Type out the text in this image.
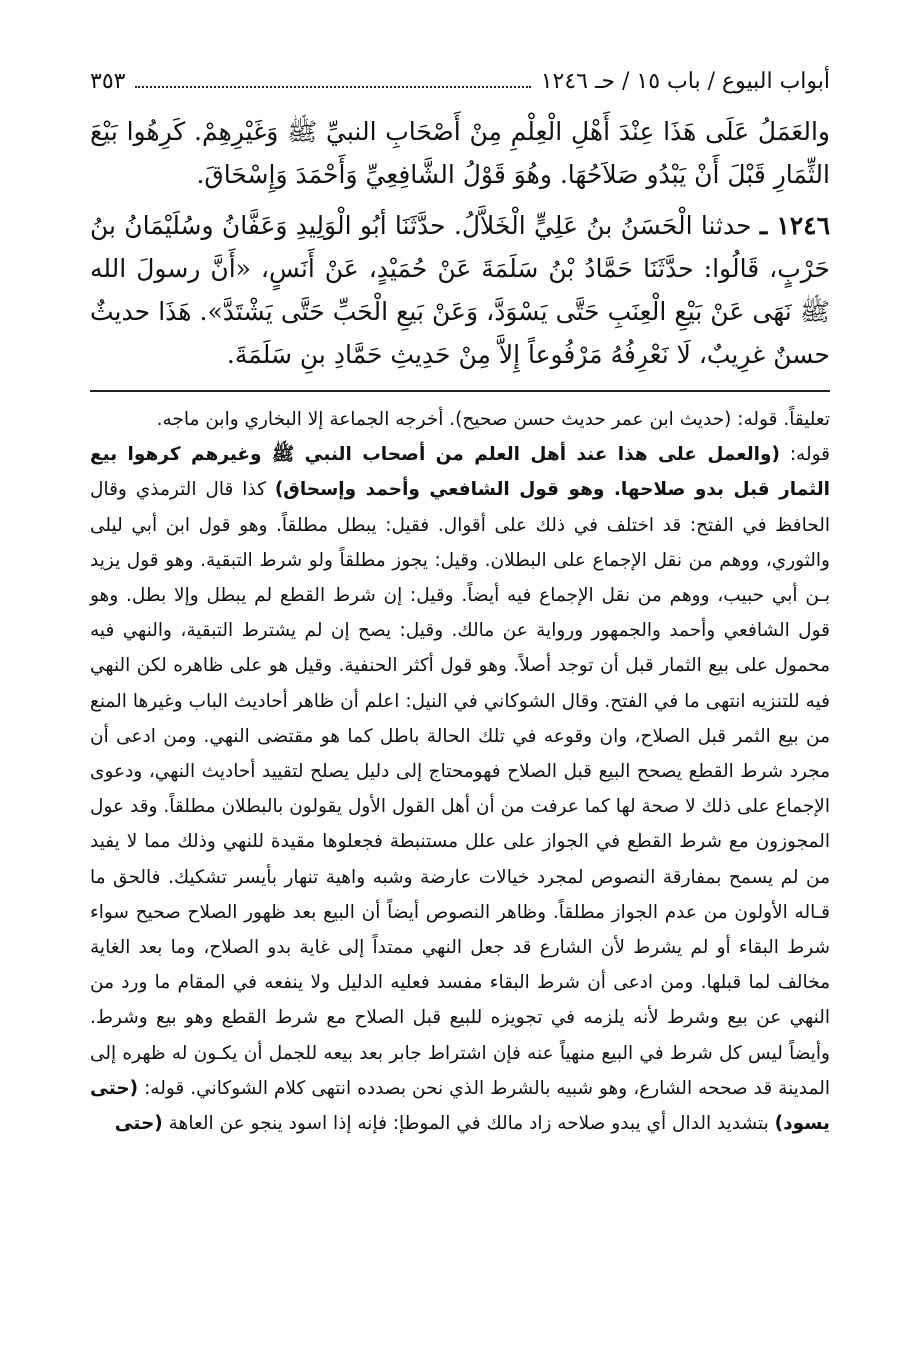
أبواب البيوع / باب ١٥ / حـ ١٢٤٦
٣٥٣

والعَمَلُ عَلَى هَذَا عِنْدَ أَهْلِ الْعِلْمِ مِنْ أَصْحَابِ النبيِّ ﷺ وَغَيْرِهِمْ. كَرِهُوا بَيْعَ الثِّمَارِ قَبْلَ أَنْ يَبْدُو صَلاَحُهَا. وهُوَ قَوْلُ الشَّافِعِيِّ وَأَحْمَدَ وَإِسْحَاقَ.

١٢٤٦ ـ حدثنا الْحَسَنُ بنُ عَلِيٍّ الْخَلاَّلُ. حدَّثَنَا أبُو الْوَلِيدِ وَعَفَّانُ وسُلَيْمَانُ بنُ حَرْبٍ، قَالُوا: حدَّثَنَا حَمَّادُ بْنُ سَلَمَةَ عَنْ حُمَيْدٍ، عَنْ أَنَسٍ، «أَنَّ رسولَ الله ﷺ نَهَى عَنْ بَيْعِ الْعِنَبِ حَتَّى يَسْوَدَّ، وَعَنْ بَيعِ الْحَبِّ حَتَّى يَشْتَدَّ». هَذَا حديثٌ حسنٌ غرِيبٌ، لَا نَعْرِفُهُ مَرْفُوعاً إِلاَّ مِنْ حَدِيثِ حَمَّادِ بنِ سَلَمَةَ.

تعليقاً. قوله: (حديث ابن عمر حديث حسن صحيح). أخرجه الجماعة إلا البخاري وابن ماجه.

قوله: (والعمل على هذا عند أهل العلم من أصحاب النبي ﷺ وغيرهم كرهوا بيع الثمار قبل بدو صلاحها. وهو قول الشافعي وأحمد وإسحاق) كذا قال الترمذي وقال الحافظ في الفتح: قد اختلف في ذلك على أقوال. فقيل: يبطل مطلقاً. وهو قول ابن أبي ليلى والثوري، ووهم من نقل الإجماع على البطلان. وقيل: يجوز مطلقاً ولو شرط التبقية. وهو قول يزيد بـن أبي حبيب، ووهم من نقل الإجماع فيه أيضاً. وقيل: إن شرط القطع لم يبطل وإلا بطل. وهو قول الشافعي وأحمد والجمهور ورواية عن مالك. وقيل: يصح إن لم يشترط التبقية، والنهي فيه محمول على بيع الثمار قبل أن توجد أصلاً. وهو قول أكثر الحنفية. وقيل هو على ظاهره لكن النهي فيه للتنزيه انتهى ما في الفتح. وقال الشوكاني في النيل: اعلم أن ظاهر أحاديث الباب وغيرها المنع من بيع الثمر قبل الصلاح، وان وقوعه في تلك الحالة باطل كما هو مقتضى النهي. ومن ادعى أن مجرد شرط القطع يصحح البيع قبل الصلاح فهومحتاج إلى دليل يصلح لتقييد أحاديث النهي، ودعوى الإجماع على ذلك لا صحة لها كما عرفت من أن أهل القول الأول يقولون بالبطلان مطلقاً. وقد عول المجوزون مع شرط القطع في الجواز على علل مستنبطة فجعلوها مقيدة للنهي وذلك مما لا يفيد من لم يسمح بمفارقة النصوص لمجرد خيالات عارضة وشبه واهية تنهار بأيسر تشكيك. فالحق ما قـاله الأولون من عدم الجواز مطلقاً. وظاهر النصوص أيضاً أن البيع بعد ظهور الصلاح صحيح سواء شرط البقاء أو لم يشرط لأن الشارع قد جعل النهي ممتداً إلى غاية بدو الصلاح، وما بعد الغاية مخالف لما قبلها. ومن ادعى أن شرط البقاء مفسد فعليه الدليل ولا ينفعه في المقام ما ورد من النهي عن بيع وشرط لأنه يلزمه في تجويزه للبيع قبل الصلاح مع شرط القطع وهو بيع وشرط. وأيضاً ليس كل شرط في البيع منهياً عنه فإن اشتراط جابر بعد بيعه للجمل أن يكـون له ظهره إلى المدينة قد صححه الشارع، وهو شبيه بالشرط الذي نحن بصدده انتهى كلام الشوكاني. قوله: (حتى يسود) بتشديد الدال أي يبدو صلاحه زاد مالك في الموطإ: فإنه إذا اسود ينجو عن العاهة (حتى
